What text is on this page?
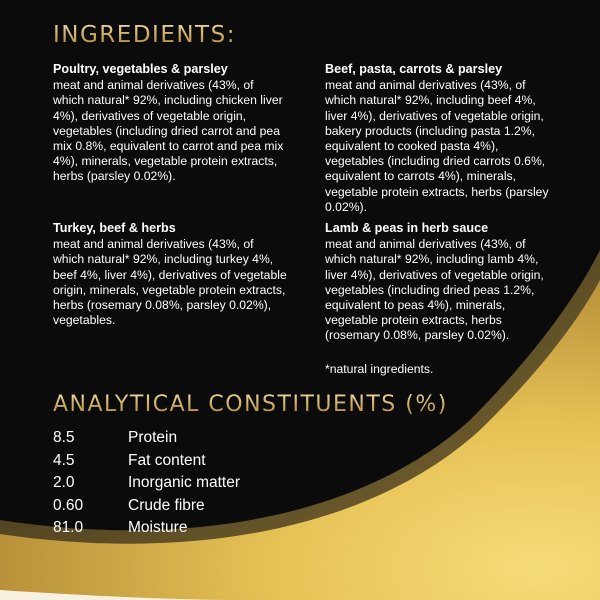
INGREDIENTS:
Poultry, vegetables & parsley
meat and animal derivatives (43%, of which natural* 92%, including chicken liver 4%), derivatives of vegetable origin, vegetables (including dried carrot and pea mix 0.8%, equivalent to carrot and pea mix 4%), minerals, vegetable protein extracts, herbs (parsley 0.02%).
Beef, pasta, carrots & parsley
meat and animal derivatives (43%, of which natural* 92%, including beef 4%, liver 4%), derivatives of vegetable origin, bakery products (including pasta 1.2%, equivalent to cooked pasta 4%), vegetables (including dried carrots 0.6%, equivalent to carrots 4%), minerals, vegetable protein extracts, herbs (parsley 0.02%).
Turkey, beef & herbs
meat and animal derivatives (43%, of which natural* 92%, including turkey 4%, beef 4%, liver 4%), derivatives of vegetable origin, minerals, vegetable protein extracts, herbs (rosemary 0.08%, parsley 0.02%), vegetables.
Lamb & peas in herb sauce
meat and animal derivatives (43%, of which natural* 92%, including lamb 4%, liver 4%), derivatives of vegetable origin, vegetables (including dried peas 1.2%, equivalent to peas 4%), minerals, vegetable protein extracts, herbs (rosemary 0.08%, parsley 0.02%).
*natural ingredients.
ANALYTICAL CONSTITUENTS (%)
8.5	Protein
4.5	Fat content
2.0	Inorganic matter
0.60	Crude fibre
81.0	Moisture
